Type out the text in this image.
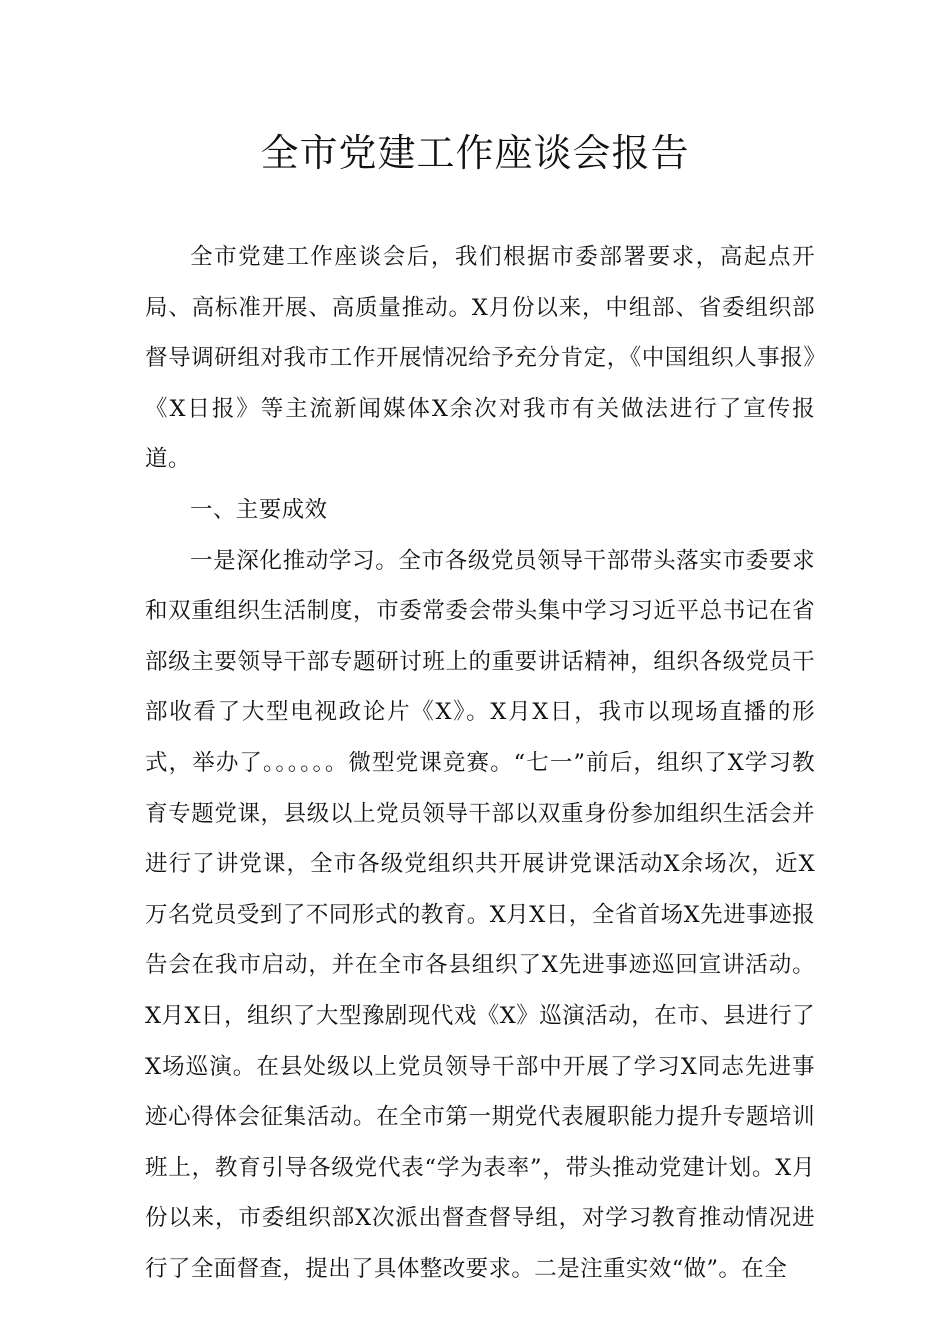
全市党建工作座谈会报告

全市党建工作座谈会后，我们根据市委部署要求，高起点开局、高标准开展、高质量推动。X月份以来，中组部、省委组织部督导调研组对我市工作开展情况给予充分肯定，《中国组织人事报》《X日报》等主流新闻媒体X余次对我市有关做法进行了宣传报道。

一、主要成效

一是深化推动学习。全市各级党员领导干部带头落实市委要求和双重组织生活制度，市委常委会带头集中学习习近平总书记在省部级主要领导干部专题研讨班上的重要讲话精神，组织各级党员干部收看了大型电视政论片《X》。X月X日，我市以现场直播的形式，举办了。。。。。。微型党课竞赛。“七一”前后，组织了X学习教育专题党课，县级以上党员领导干部以双重身份参加组织生活会并进行了讲党课，全市各级党组织共开展讲党课活动X余场次，近X万名党员受到了不同形式的教育。X月X日，全省首场X先进事迹报告会在我市启动，并在全市各县组织了X先进事迹巡回宣讲活动。X月X日，组织了大型豫剧现代戏《X》巡演活动，在市、县进行了X场巡演。在县处级以上党员领导干部中开展了学习X同志先进事迹心得体会征集活动。在全市第一期党代表履职能力提升专题培训班上，教育引导各级党代表“学为表率”，带头推动党建计划。X月份以来，市委组织部X次派出督查督导组，对学习教育推动情况进行了全面督查，提出了具体整改要求。二是注重实效“做”。在全
